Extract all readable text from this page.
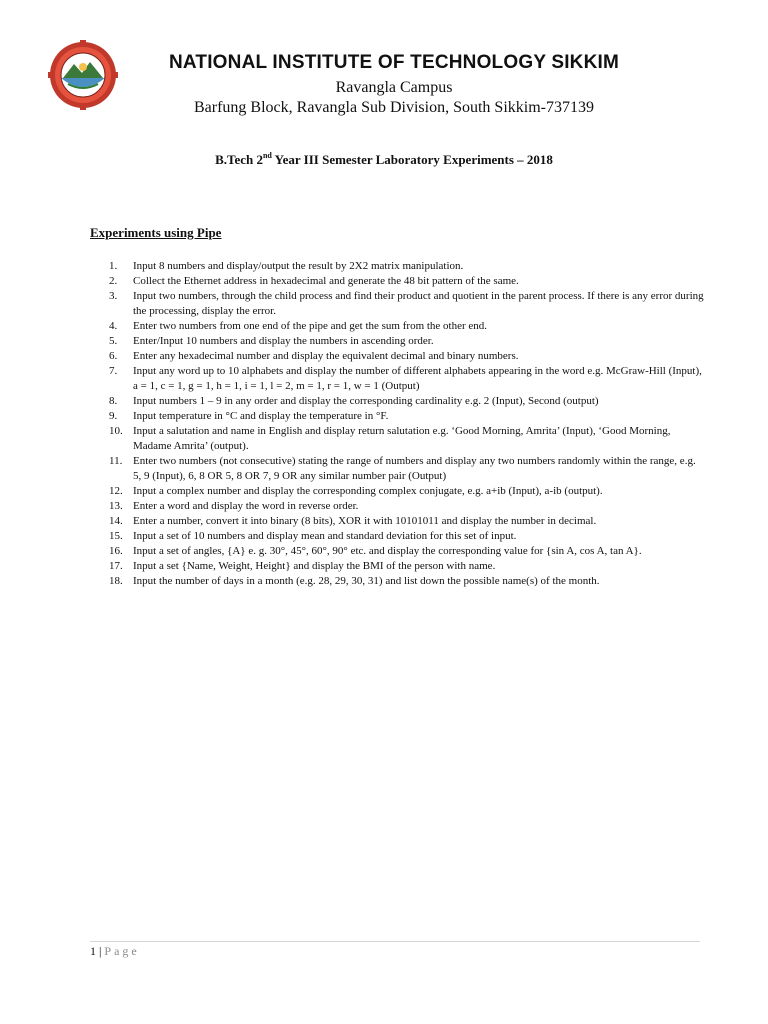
NATIONAL INSTITUTE OF TECHNOLOGY SIKKIM
Ravangla Campus
Barfung Block, Ravangla Sub Division, South Sikkim-737139
B.Tech 2nd Year III Semester Laboratory Experiments – 2018
Experiments using Pipe
1. Input 8 numbers and display/output the result by 2X2 matrix manipulation.
2. Collect the Ethernet address in hexadecimal and generate the 48 bit pattern of the same.
3. Input two numbers, through the child process and find their product and quotient in the parent process. If there is any error during the processing, display the error.
4. Enter two numbers from one end of the pipe and get the sum from the other end.
5. Enter/Input 10 numbers and display the numbers in ascending order.
6. Enter any hexadecimal number and display the equivalent decimal and binary numbers.
7. Input any word up to 10 alphabets and display the number of different alphabets appearing in the word e.g. McGraw-Hill (Input), a = 1, c = 1, g = 1, h = 1, i = 1, l = 2, m = 1, r = 1, w = 1 (Output)
8. Input numbers 1 – 9 in any order and display the corresponding cardinality e.g. 2 (Input), Second (output)
9. Input temperature in °C and display the temperature in °F.
10. Input a salutation and name in English and display return salutation e.g. ‘Good Morning, Amrita’ (Input), ‘Good Morning, Madame Amrita’ (output).
11. Enter two numbers (not consecutive) stating the range of numbers and display any two numbers randomly within the range, e.g. 5, 9 (Input), 6, 8 OR 5, 8 OR 7, 9 OR any similar number pair (Output)
12. Input a complex number and display the corresponding complex conjugate, e.g. a+ib (Input), a-ib (output).
13. Enter a word and display the word in reverse order.
14. Enter a number, convert it into binary (8 bits), XOR it with 10101011 and display the number in decimal.
15. Input a set of 10 numbers and display mean and standard deviation for this set of input.
16. Input a set of angles, {A} e. g. 30°, 45°, 60°, 90° etc. and display the corresponding value for {sin A, cos A, tan A}.
17. Input a set {Name, Weight, Height} and display the BMI of the person with name.
18. Input the number of days in a month (e.g. 28, 29, 30, 31) and list down the possible name(s) of the month.
1 | Page
